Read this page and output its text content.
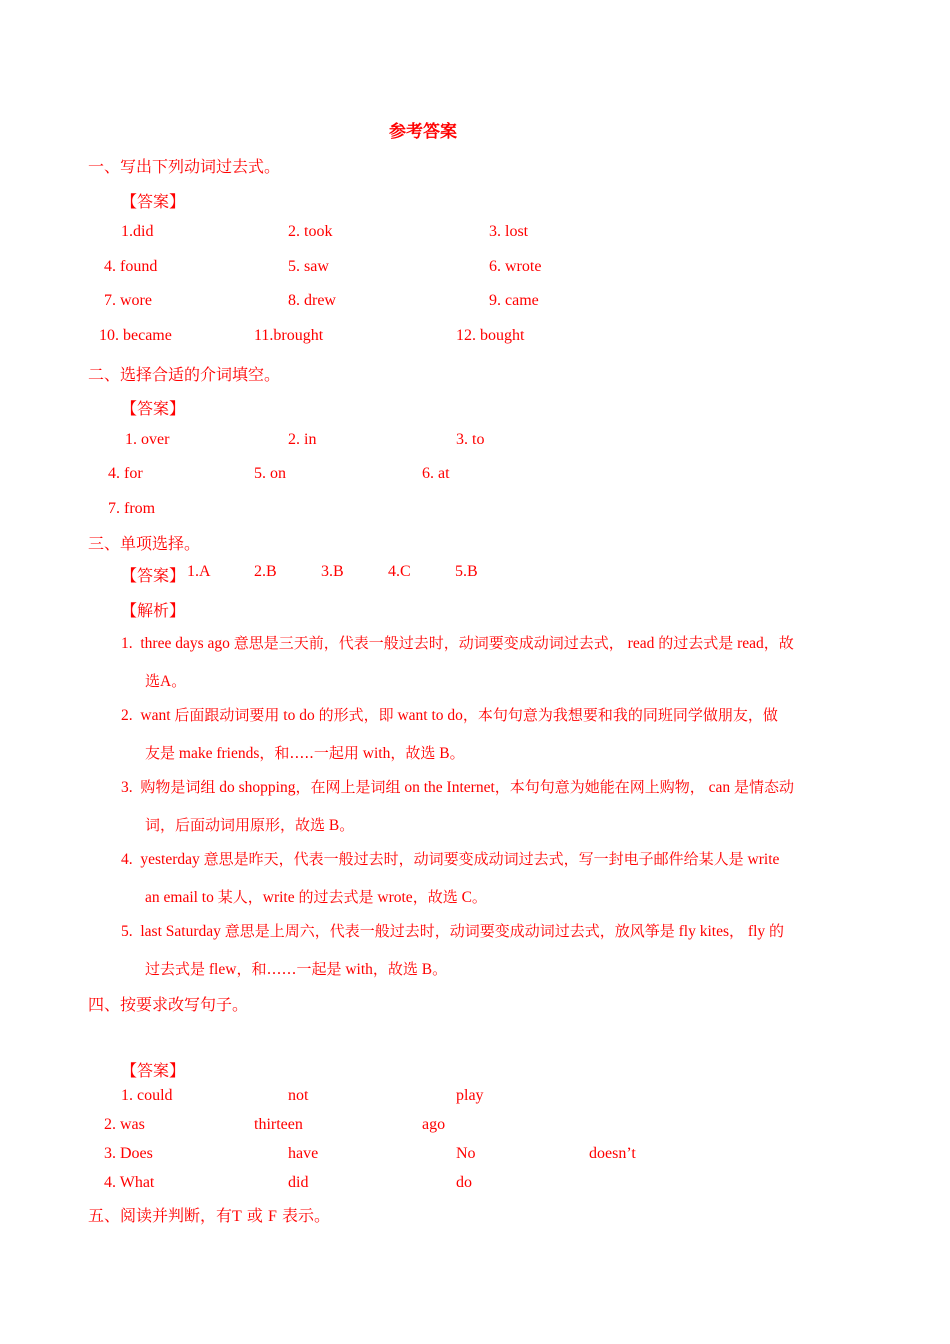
参考答案
一、写出下列动词过去式。
【答案】
1.did	2. took	3. lost
4. found	5. saw	6. wrote
7. wore	8. drew	9. came
10. became	11.brought	12. bought
二、选择合适的介词填空。
【答案】
1. over	2. in	3. to
4. for	5. on	6. at
7. from
三、单项选择。
【答案】 1.A	2.B	3.B	4.C	5.B
【解析】
1. three days ago 意思是三天前，代表一般过去时，动词要变成动词过去式， read 的过去式是 read，故
选A。
2. want 后面跟动词要用 to do 的形式，即 want to do，本句句意为我想要和我的同班同学做朋友，做
友是 make friends，和…..一起用 with，故选 B。
3. 购物是词组 do shopping，在网上是词组 on the Internet，本句句意为她能在网上购物， can 是情态动
词，后面动词用原形，故选 B。
4. yesterday 意思是昨天，代表一般过去时，动词要变成动词过去式，写一封电子邮件给某人是 write
an email to 某人，write 的过去式是 wrote，故选 C。
5. last Saturday 意思是上周六，代表一般过去时，动词要变成动词过去式，放风筝是 fly kites， fly 的
过去式是 flew，和……一起是 with，故选 B。
四、按要求改写句子。
【答案】
1. could	not	play
2. was	thirteen	ago
3. Does	have	No	doesn’t
4. What	did	do
五、阅读并判断，有T 或 F 表示。
